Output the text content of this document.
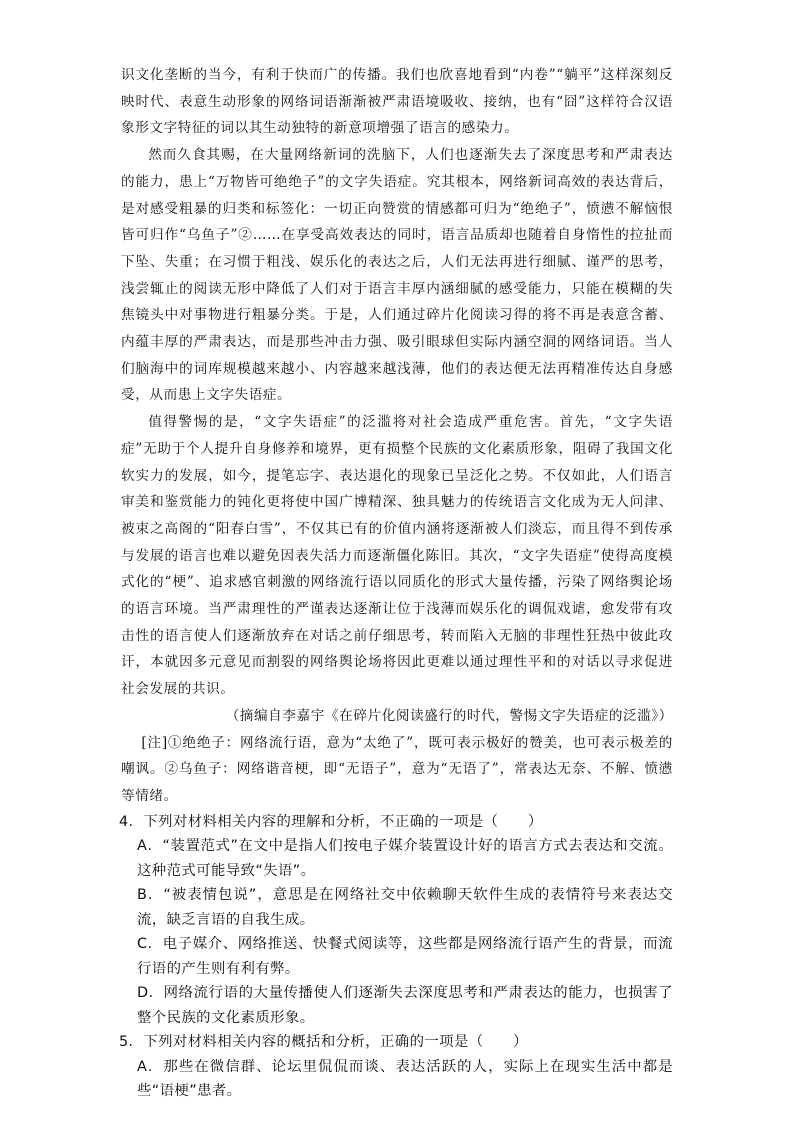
识文化垄断的当今，有利于快而广的传播。我们也欣喜地看到“内卷”“躺平”这样深刻反映时代、表意生动形象的网络词语渐渐被严肃语境吸收、接纳，也有“囧”这样符合汉语象形文字特征的词以其生动独特的新意项增强了语言的感染力。

然而久食其赐，在大量网络新词的洗脑下，人们也逐渐失去了深度思考和严肃表达的能力，患上“万物皆可绝绝子”的文字失语症。究其根本，网络新词高效的表达背后，是对感受粗暴的归类和标签化：一切正向赞赏的情感都可归为“绝绝子”，愤懑不解恼恨皆可归作“乌鱼子”②……在享受高效表达的同时，语言品质却也随着自身惰性的拉扯而下坠、失重；在习惯于粗浅、娱乐化的表达之后，人们无法再进行细腻、谨严的思考，浅尝辄止的阅读无形中降低了人们对于语言丰厚内涵细腻的感受能力，只能在模糊的失焦镜头中对事物进行粗暴分类。于是，人们通过碎片化阅读习得的将不再是表意含蓄、内蕴丰厚的严肃表达，而是那些冲击力强、吸引眼球但实际内涵空洞的网络词语。当人们脑海中的词库规模越来越小、内容越来越浅薄，他们的表达便无法再精准传达自身感受，从而患上文字失语症。

值得警惕的是，“文字失语症”的泛滥将对社会造成严重危害。首先，“文字失语症”无助于个人提升自身修养和境界，更有损整个民族的文化素质形象，阻碍了我国文化软实力的发展，如今，提笔忘字、表达退化的现象已呈泛化之势。不仅如此，人们语言审美和鉴赏能力的钝化更将使中国广博精深、独具魅力的传统语言文化成为无人问津、被束之高阁的“阳春白雪”，不仅其已有的价值内涵将逐渐被人们淡忘，而且得不到传承与发展的语言也难以避免因表失活力而逐渐僵化陈旧。其次，“文字失语症”使得高度模式化的“梗”、追求感官刺激的网络流行语以同质化的形式大量传播，污染了网络舆论场的语言环境。当严肃理性的严谨表达逐渐让位于浅薄而娱乐化的调侃戏谑，愈发带有攻击性的语言使人们逐渐放弃在对话之前仔细思考，转而陷入无脑的非理性狂热中彼此攻讦，本就因多元意见而割裂的网络舆论场将因此更难以通过理性平和的对话以寻求促进社会发展的共识。

（摘编自李嘉宇《在碎片化阅读盛行的时代，警惕文字失语症的泛滥》）

[注]①绝绝子：网络流行语，意为“太绝了”，既可表示极好的赞美，也可表示极差的嘲讽。②乌鱼子：网络谐音梗，即“无语子”，意为“无语了”，常表达无奈、不解、愤懑等情绪。

4．下列对材料相关内容的理解和分析，不正确的一项是（　　）

A．“装置范式”在文中是指人们按电子媒介装置设计好的语言方式去表达和交流。这种范式可能导致“失语”。

B．“被表情包说”，意思是在网络社交中依赖聊天软件生成的表情符号来表达交流，缺乏言语的自我生成。

C．电子媒介、网络推送、快餐式阅读等，这些都是网络流行语产生的背景，而流行语的产生则有利有弊。

D．网络流行语的大量传播使人们逐渐失去深度思考和严肃表达的能力，也损害了整个民族的文化素质形象。

5．下列对材料相关内容的概括和分析，正确的一项是（　　）

A．那些在微信群、论坛里侃侃而谈、表达活跃的人，实际上在现实生活中都是些“语梗”患者。
